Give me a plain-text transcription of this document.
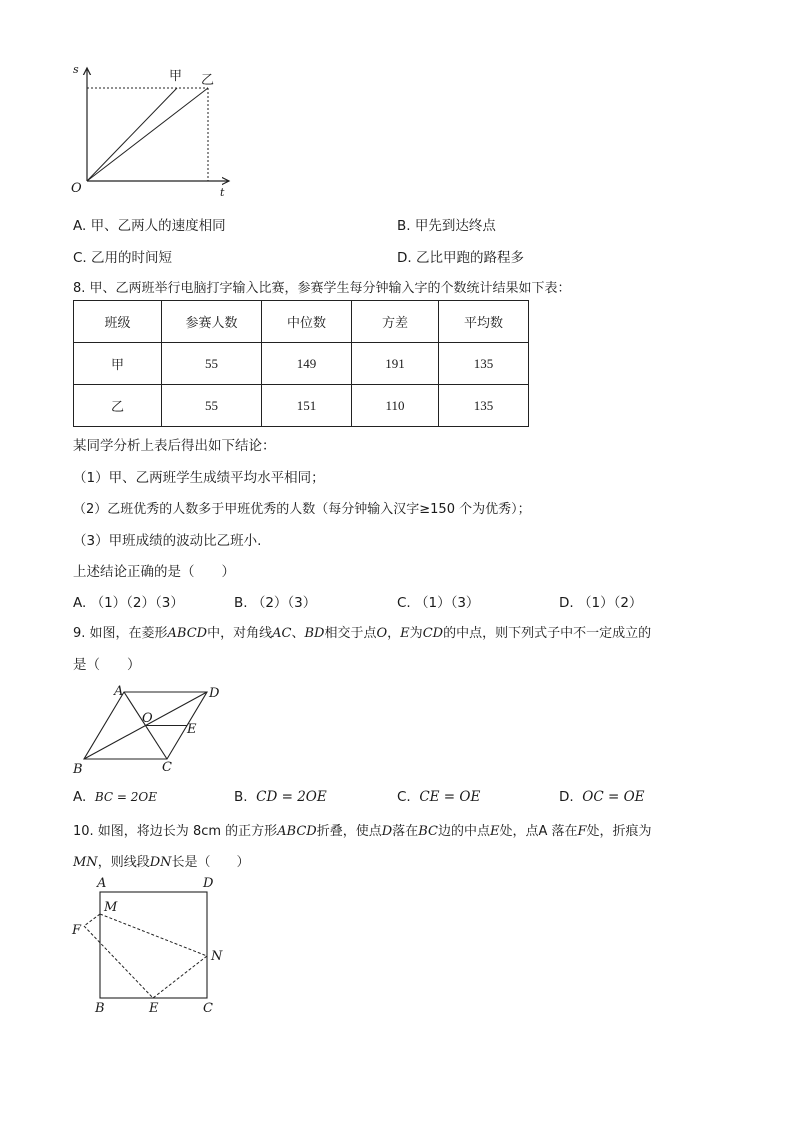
s
t
O
甲 乙
A. 甲、乙两人的速度相同	B. 甲先到达终点
C. 乙用的时间短	D. 乙比甲跑的路程多
8. 甲、乙两班举行电脑打字输入比赛，参赛学生每分钟输入字的个数统计结果如下表：
班级	参赛人数	中位数	方差	平均数
甲	55	149	191	135
乙	55	151	110	135
某同学分析上表后得出如下结论：
（1）甲、乙两班学生成绩平均水平相同；
（2）乙班优秀的人数多于甲班优秀的人数（每分钟输入汉字≥150 个为优秀）；
（3）甲班成绩的波动比乙班小.
上述结论正确的是（　　）
A. （1）（2）（3）	B. （2）（3）	C. （1）（3）	D. （1）（2）
9. 如图，在菱形ABCD中，对角线AC、BD相交于点O，E为CD的中点，则下列式子中不一定成立的
是（　　）
A	D
O
E
B	C
A. BC = 2OE	B. CD = 2OE	C. CE = OE	D. OC = OE
10. 如图，将边长为 8cm 的正方形ABCD折叠，使点D落在BC边的中点E处，点A 落在F处，折痕为
MN，则线段DN长是（　　）
A	D
M
F
N
B	E	C
